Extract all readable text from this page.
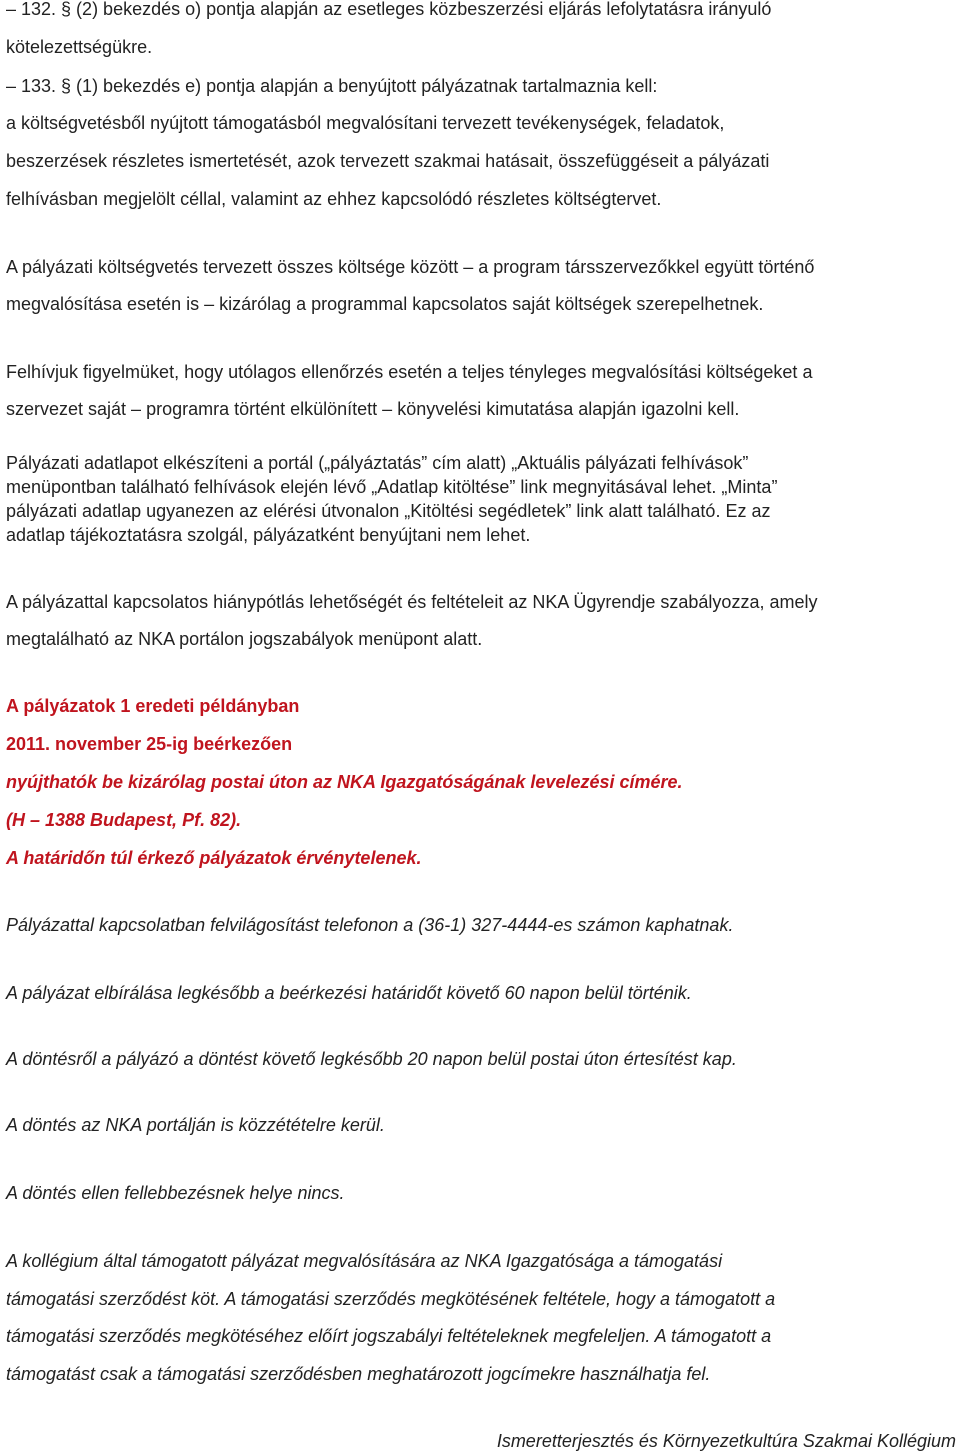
– 132. § (2) bekezdés o) pontja alapján az esetleges közbeszerzési eljárás lefolytatásra irányuló
kötelezettségükre.
– 133. § (1) bekezdés e) pontja alapján a benyújtott pályázatnak tartalmaznia kell:
a költségvetésből nyújtott támogatásból megvalósítani tervezett tevékenységek, feladatok,
beszerzések részletes ismertetését, azok tervezett szakmai hatásait, összefüggéseit a pályázati
felhívásban megjelölt céllal, valamint az ehhez kapcsolódó részletes költségtervet.
A pályázati költségvetés tervezett összes költsége között – a program társszervezőkkel együtt történő
megvalósítása esetén is – kizárólag a programmal kapcsolatos saját költségek szerepelhetnek.
Felhívjuk figyelmüket, hogy utólagos ellenőrzés esetén a teljes tényleges megvalósítási költségeket a
szervezet saját – programra történt elkülönített – könyvelési kimutatása alapján igazolni kell.
Pályázati adatlapot elkészíteni a portál („pályáztatás” cím alatt) „Aktuális pályázati felhívások”
menüpontban található felhívások elején lévő „Adatlap kitöltése” link megnyitásával lehet. „Minta”
pályázati adatlap ugyanezen az elérési útvonalon „Kitöltési segédletek” link alatt található. Ez az
adatlap tájékoztatásra szolgál, pályázatként benyújtani nem lehet.
A pályázattal kapcsolatos hiánypótlás lehetőségét és feltételeit az NKA Ügyrendje szabályozza, amely
megtalálható az NKA portálon jogszabályok menüpont alatt.
A pályázatok 1 eredeti példányban
2011. november 25-ig beérkezően
nyújthatók be kizárólag postai úton az NKA Igazgatóságának levelezési címére.
(H – 1388 Budapest, Pf. 82).
A határidőn túl érkező pályázatok érvénytelenek.
Pályázattal kapcsolatban felvilágosítást telefonon a (36-1) 327-4444-es számon kaphatnak.
A pályázat elbírálása legkésőbb a beérkezési határidőt követő 60 napon belül történik.
A döntésről a pályázó a döntést követő legkésőbb 20 napon belül postai úton értesítést kap.
A döntés az NKA portálján is közzétételre kerül.
A döntés ellen fellebbezésnek helye nincs.
A kollégium által támogatott pályázat megvalósítására az NKA Igazgatósága a támogatási
támogatási szerződést köt. A támogatási szerződés megkötésének feltétele, hogy a támogatott a
támogatási szerződés megkötéséhez előírt jogszabályi feltételeknek megfeleljen. A támogatott a
támogatást csak a támogatási szerződésben meghatározott jogcímekre használhatja fel.
Ismeretterjesztés és Környezetkultúra Szakmai Kollégium
